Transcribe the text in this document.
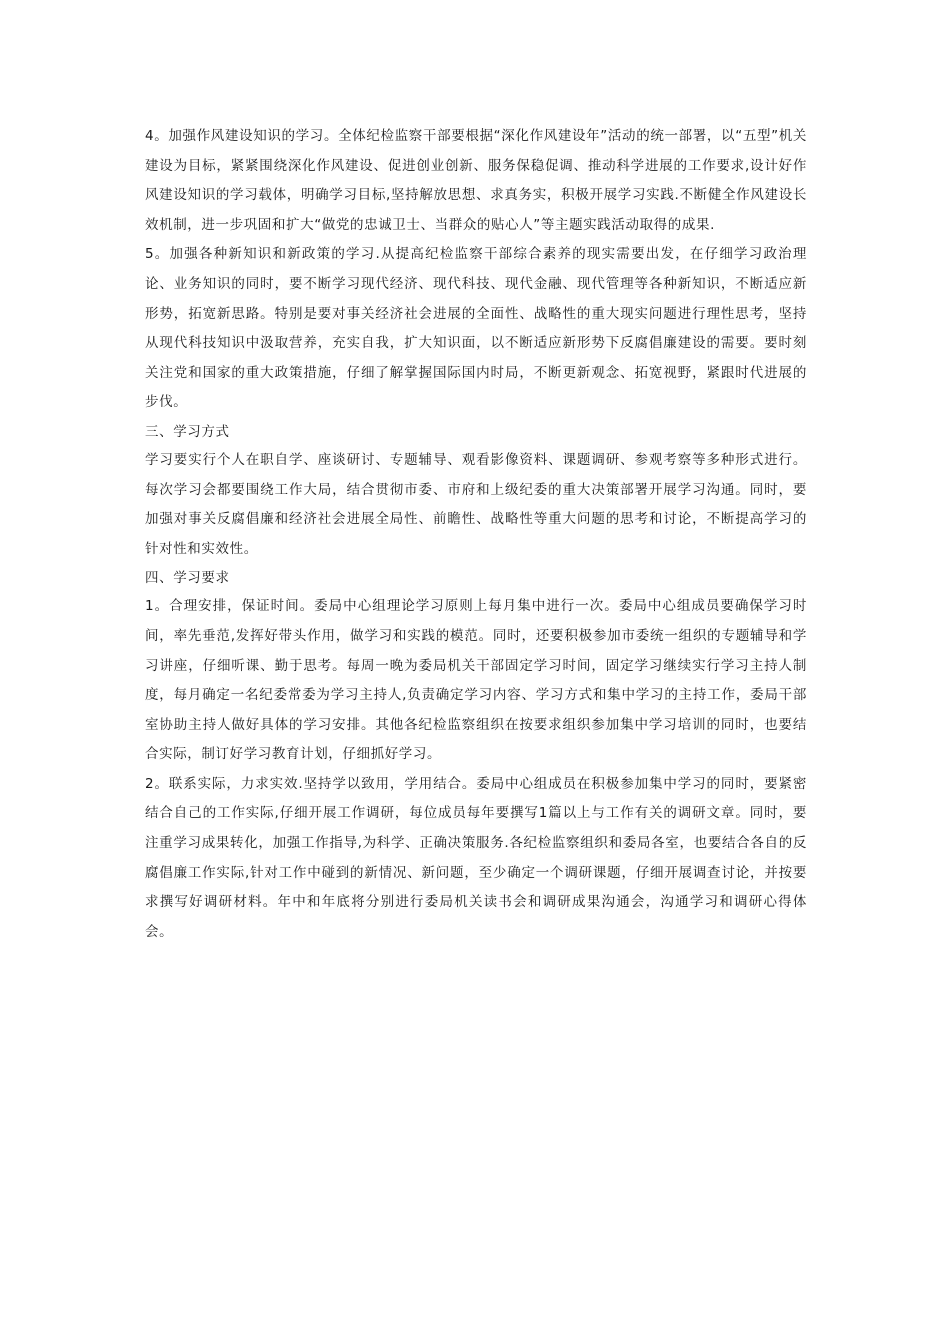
4。加强作风建设知识的学习。全体纪检监察干部要根据“深化作风建设年”活动的统一部署，以“五型”机关建设为目标，紧紧围绕深化作风建设、促进创业创新、服务保稳促调、推动科学进展的工作要求,设计好作风建设知识的学习载体，明确学习目标,坚持解放思想、求真务实，积极开展学习实践.不断健全作风建设长效机制，进一步巩固和扩大“做党的忠诚卫士、当群众的贴心人”等主题实践活动取得的成果.

5。加强各种新知识和新政策的学习.从提高纪检监察干部综合素养的现实需要出发，在仔细学习政治理论、业务知识的同时，要不断学习现代经济、现代科技、现代金融、现代管理等各种新知识，不断适应新形势，拓宽新思路。特别是要对事关经济社会进展的全面性、战略性的重大现实问题进行理性思考，坚持从现代科技知识中汲取营养，充实自我，扩大知识面，以不断适应新形势下反腐倡廉建设的需要。要时刻关注党和国家的重大政策措施，仔细了解掌握国际国内时局，不断更新观念、拓宽视野，紧跟时代进展的步伐。

三、学习方式

学习要实行个人在职自学、座谈研讨、专题辅导、观看影像资料、课题调研、参观考察等多种形式进行。每次学习会都要围绕工作大局，结合贯彻市委、市府和上级纪委的重大决策部署开展学习沟通。同时，要加强对事关反腐倡廉和经济社会进展全局性、前瞻性、战略性等重大问题的思考和讨论，不断提高学习的针对性和实效性。

四、学习要求

1。合理安排，保证时间。委局中心组理论学习原则上每月集中进行一次。委局中心组成员要确保学习时间，率先垂范,发挥好带头作用，做学习和实践的模范。同时，还要积极参加市委统一组织的专题辅导和学习讲座，仔细听课、勤于思考。每周一晚为委局机关干部固定学习时间，固定学习继续实行学习主持人制度，每月确定一名纪委常委为学习主持人,负责确定学习内容、学习方式和集中学习的主持工作，委局干部室协助主持人做好具体的学习安排。其他各纪检监察组织在按要求组织参加集中学习培训的同时，也要结合实际，制订好学习教育计划，仔细抓好学习。

2。联系实际，力求实效.坚持学以致用，学用结合。委局中心组成员在积极参加集中学习的同时，要紧密结合自己的工作实际,仔细开展工作调研，每位成员每年要撰写1篇以上与工作有关的调研文章。同时，要注重学习成果转化，加强工作指导,为科学、正确决策服务.各纪检监察组织和委局各室，也要结合各自的反腐倡廉工作实际,针对工作中碰到的新情况、新问题，至少确定一个调研课题，仔细开展调查讨论，并按要求撰写好调研材料。年中和年底将分别进行委局机关读书会和调研成果沟通会，沟通学习和调研心得体会。
